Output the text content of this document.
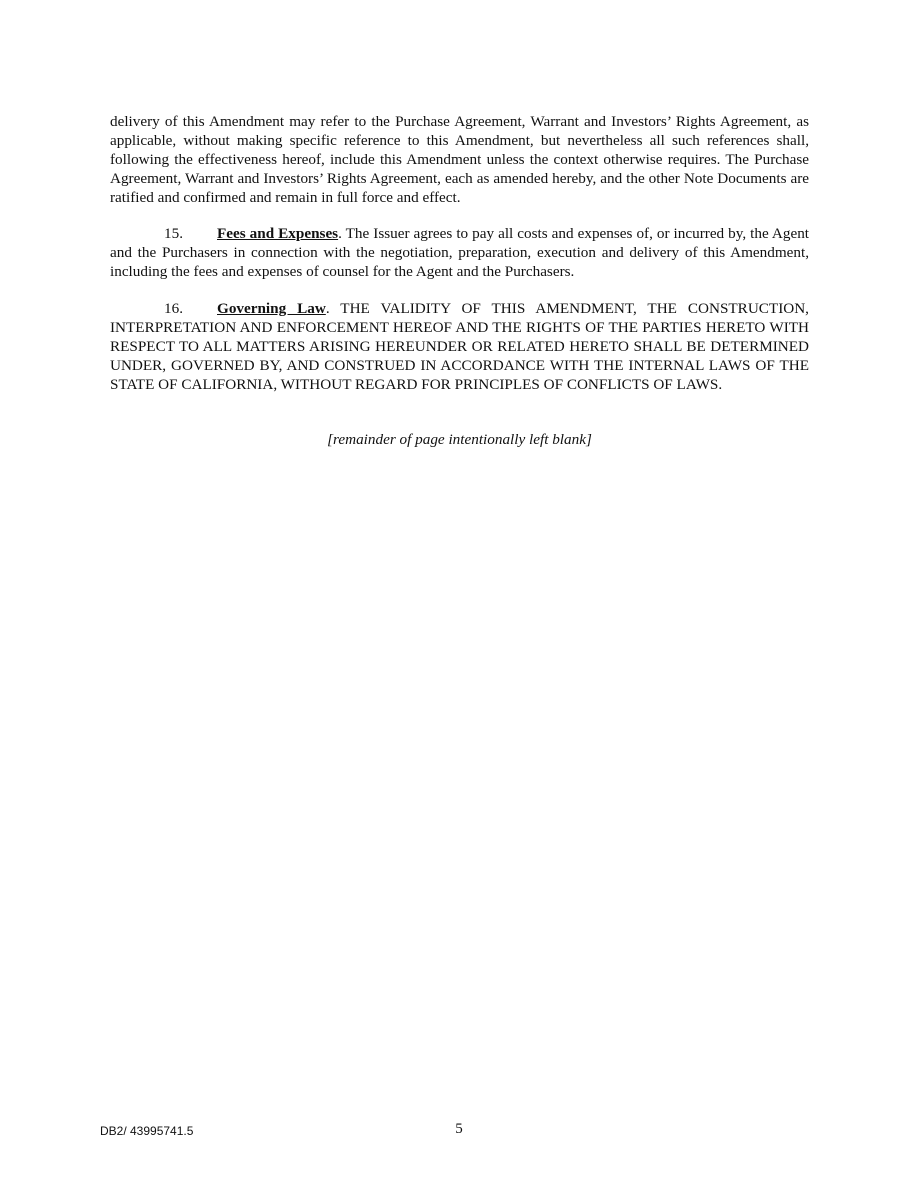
delivery of this Amendment may refer to the Purchase Agreement, Warrant and Investors’ Rights Agreement, as applicable, without making specific reference to this Amendment, but nevertheless all such references shall, following the effectiveness hereof, include this Amendment unless the context otherwise requires. The Purchase Agreement, Warrant and Investors’ Rights Agreement, each as amended hereby, and the other Note Documents are ratified and confirmed and remain in full force and effect.

15. Fees and Expenses. The Issuer agrees to pay all costs and expenses of, or incurred by, the Agent and the Purchasers in connection with the negotiation, preparation, execution and delivery of this Amendment, including the fees and expenses of counsel for the Agent and the Purchasers.

16. Governing Law. THE VALIDITY OF THIS AMENDMENT, THE CONSTRUCTION, INTERPRETATION AND ENFORCEMENT HEREOF AND THE RIGHTS OF THE PARTIES HERETO WITH RESPECT TO ALL MATTERS ARISING HEREUNDER OR RELATED HERETO SHALL BE DETERMINED UNDER, GOVERNED BY, AND CONSTRUED IN ACCORDANCE WITH THE INTERNAL LAWS OF THE STATE OF CALIFORNIA, WITHOUT REGARD FOR PRINCIPLES OF CONFLICTS OF LAWS.

[remainder of page intentionally left blank]
DB2/ 43995741.5	5
